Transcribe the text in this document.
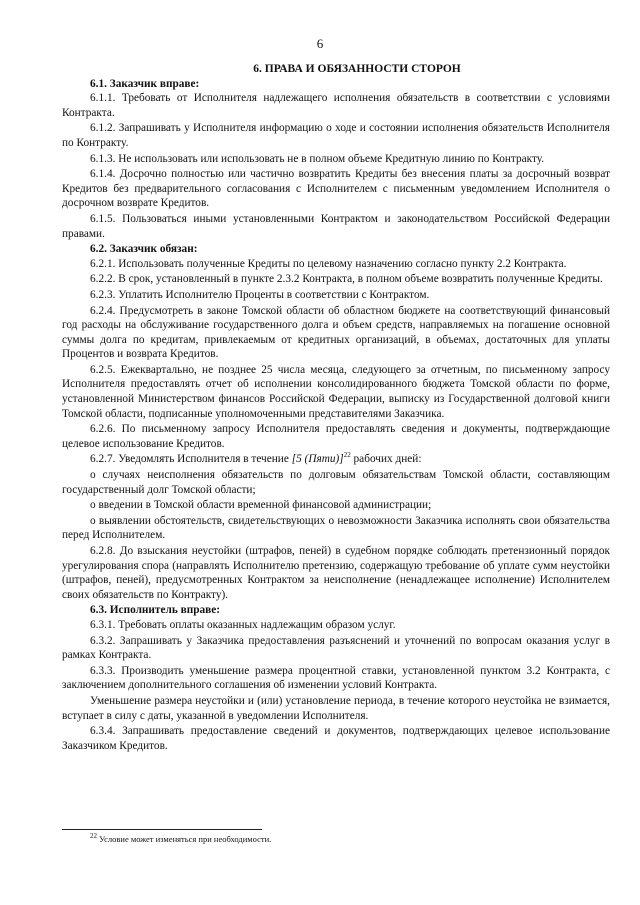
6

6. ПРАВА И ОБЯЗАННОСТИ СТОРОН

6.1. Заказчик вправе:

6.1.1. Требовать от Исполнителя надлежащего исполнения обязательств в соответствии с условиями Контракта.

6.1.2. Запрашивать у Исполнителя информацию о ходе и состоянии исполнения обязательств Исполнителя по Контракту.

6.1.3. Не использовать или использовать не в полном объеме Кредитную линию по Контракту.

6.1.4. Досрочно полностью или частично возвратить Кредиты без внесения платы за досрочный возврат Кредитов без предварительного согласования с Исполнителем с письменным уведомлением Исполнителя о досрочном возврате Кредитов.

6.1.5. Пользоваться иными установленными Контрактом и законодательством Российской Федерации правами.

6.2. Заказчик обязан:

6.2.1. Использовать полученные Кредиты по целевому назначению согласно пункту 2.2 Контракта.

6.2.2. В срок, установленный в пункте 2.3.2 Контракта, в полном объеме возвратить полученные Кредиты.

6.2.3. Уплатить Исполнителю Проценты в соответствии с Контрактом.

6.2.4. Предусмотреть в законе Томской области об областном бюджете на соответствующий финансовый год расходы на обслуживание государственного долга и объем средств, направляемых на погашение основной суммы долга по кредитам, привлекаемым от кредитных организаций, в объемах, достаточных для уплаты Процентов и возврата Кредитов.

6.2.5. Ежеквартально, не позднее 25 числа месяца, следующего за отчетным, по письменному запросу Исполнителя предоставлять отчет об исполнении консолидированного бюджета Томской области по форме, установленной Министерством финансов Российской Федерации, выписку из Государственной долговой книги Томской области, подписанные уполномоченными представителями Заказчика.

6.2.6. По письменному запросу Исполнителя предоставлять сведения и документы, подтверждающие целевое использование Кредитов.

6.2.7. Уведомлять Исполнителя в течение [5 (Пяти)]$^{22}$ рабочих дней:

о случаях неисполнения обязательств по долговым обязательствам Томской области, составляющим государственный долг Томской области;

о введении в Томской области временной финансовой администрации;

о выявлении обстоятельств, свидетельствующих о невозможности Заказчика исполнять свои обязательства перед Исполнителем.

6.2.8. До взыскания неустойки (штрафов, пеней) в судебном порядке соблюдать претензионный порядок урегулирования спора (направлять Исполнителю претензию, содержащую требование об уплате сумм неустойки (штрафов, пеней), предусмотренных Контрактом за неисполнение (ненадлежащее исполнение) Исполнителем своих обязательств по Контракту).

6.3. Исполнитель вправе:

6.3.1. Требовать оплаты оказанных надлежащим образом услуг.

6.3.2. Запрашивать у Заказчика предоставления разъяснений и уточнений по вопросам оказания услуг в рамках Контракта.

6.3.3. Производить уменьшение размера процентной ставки, установленной пунктом 3.2 Контракта, с заключением дополнительного соглашения об изменении условий Контракта.

Уменьшение размера неустойки и (или) установление периода, в течение которого неустойка не взимается, вступает в силу с даты, указанной в уведомлении Исполнителя.

6.3.4. Запрашивать предоставление сведений и документов, подтверждающих целевое использование Заказчиком Кредитов.

$^{22}$ Условие может изменяться при необходимости.
